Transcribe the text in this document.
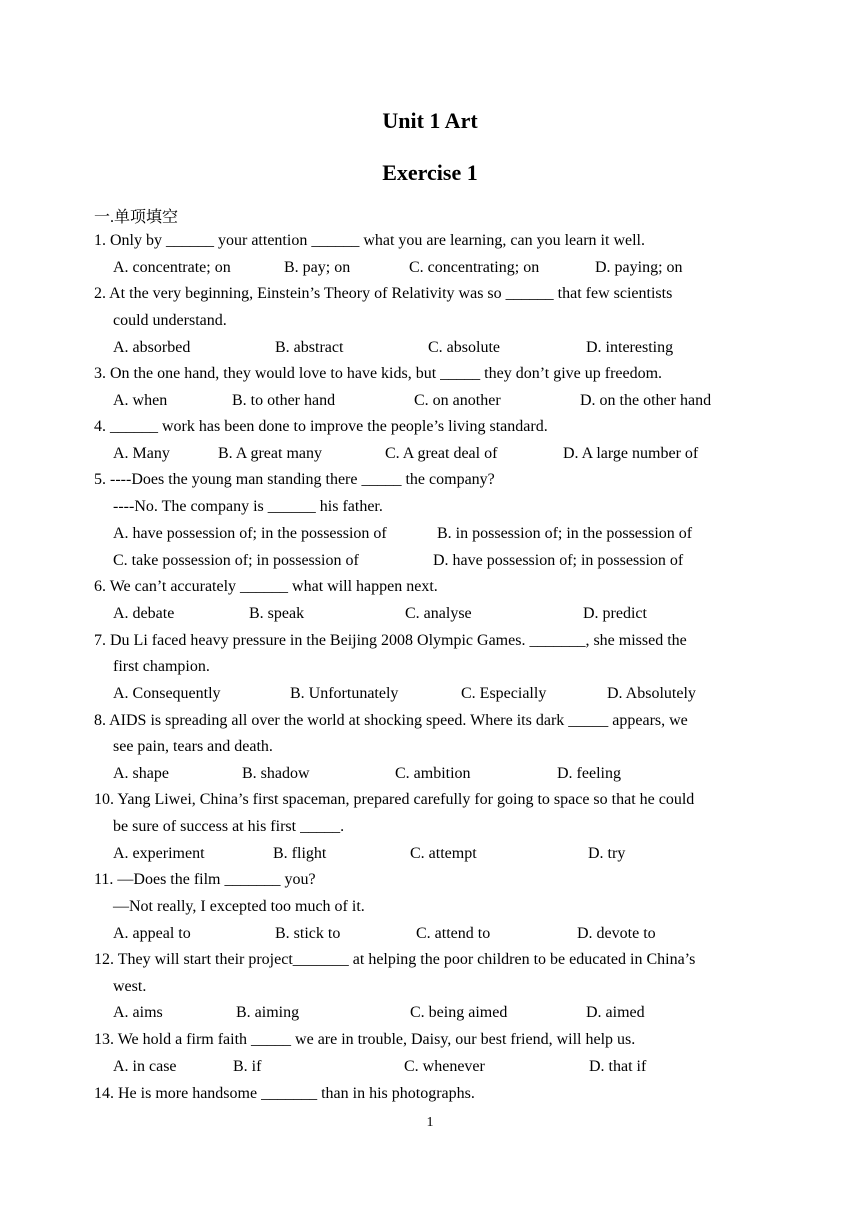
Unit 1 Art
Exercise 1
一.单项填空
1. Only by ______ your attention ______ what you are learning, can you learn it well.
A. concentrate; on	B. pay; on	C. concentrating; on	D. paying; on
2. At the very beginning, Einstein’s Theory of Relativity was so ______ that few scientists
could understand.
A. absorbed	B. abstract	C. absolute	D. interesting
3. On the one hand, they would love to have kids, but _____ they don’t give up freedom.
A. when	B. to other hand	C. on another	D. on the other hand
4. ______ work has been done to improve the people’s living standard.
A. Many	B. A great many	C. A great deal of	D. A large number of
5. ----Does the young man standing there _____ the company?
----No. The company is ______ his father.
A. have possession of; in the possession of	B. in possession of; in the possession of
C. take possession of; in possession of	D. have possession of; in possession of
6. We can’t accurately ______ what will happen next.
A. debate	B. speak	C. analyse	D. predict
7. Du Li faced heavy pressure in the Beijing 2008 Olympic Games. _______, she missed the
first champion.
A. Consequently	B. Unfortunately	C. Especially	D. Absolutely
8. AIDS is spreading all over the world at shocking speed. Where its dark _____ appears, we
see pain, tears and death.
A. shape	B. shadow	C. ambition	D. feeling
10. Yang Liwei, China’s first spaceman, prepared carefully for going to space so that he could
be sure of success at his first _____.
A. experiment	B. flight	C. attempt	D. try
11. —Does the film _______ you?
—Not really, I excepted too much of it.
A. appeal to	B. stick to	C. attend to	D. devote to
12. They will start their project_______ at helping the poor children to be educated in China’s
west.
A. aims	B. aiming	C. being aimed	D. aimed
13. We hold a firm faith _____ we are in trouble, Daisy, our best friend, will help us.
A. in case	B. if	C. whenever	D. that if
14. He is more handsome _______ than in his photographs.
1
